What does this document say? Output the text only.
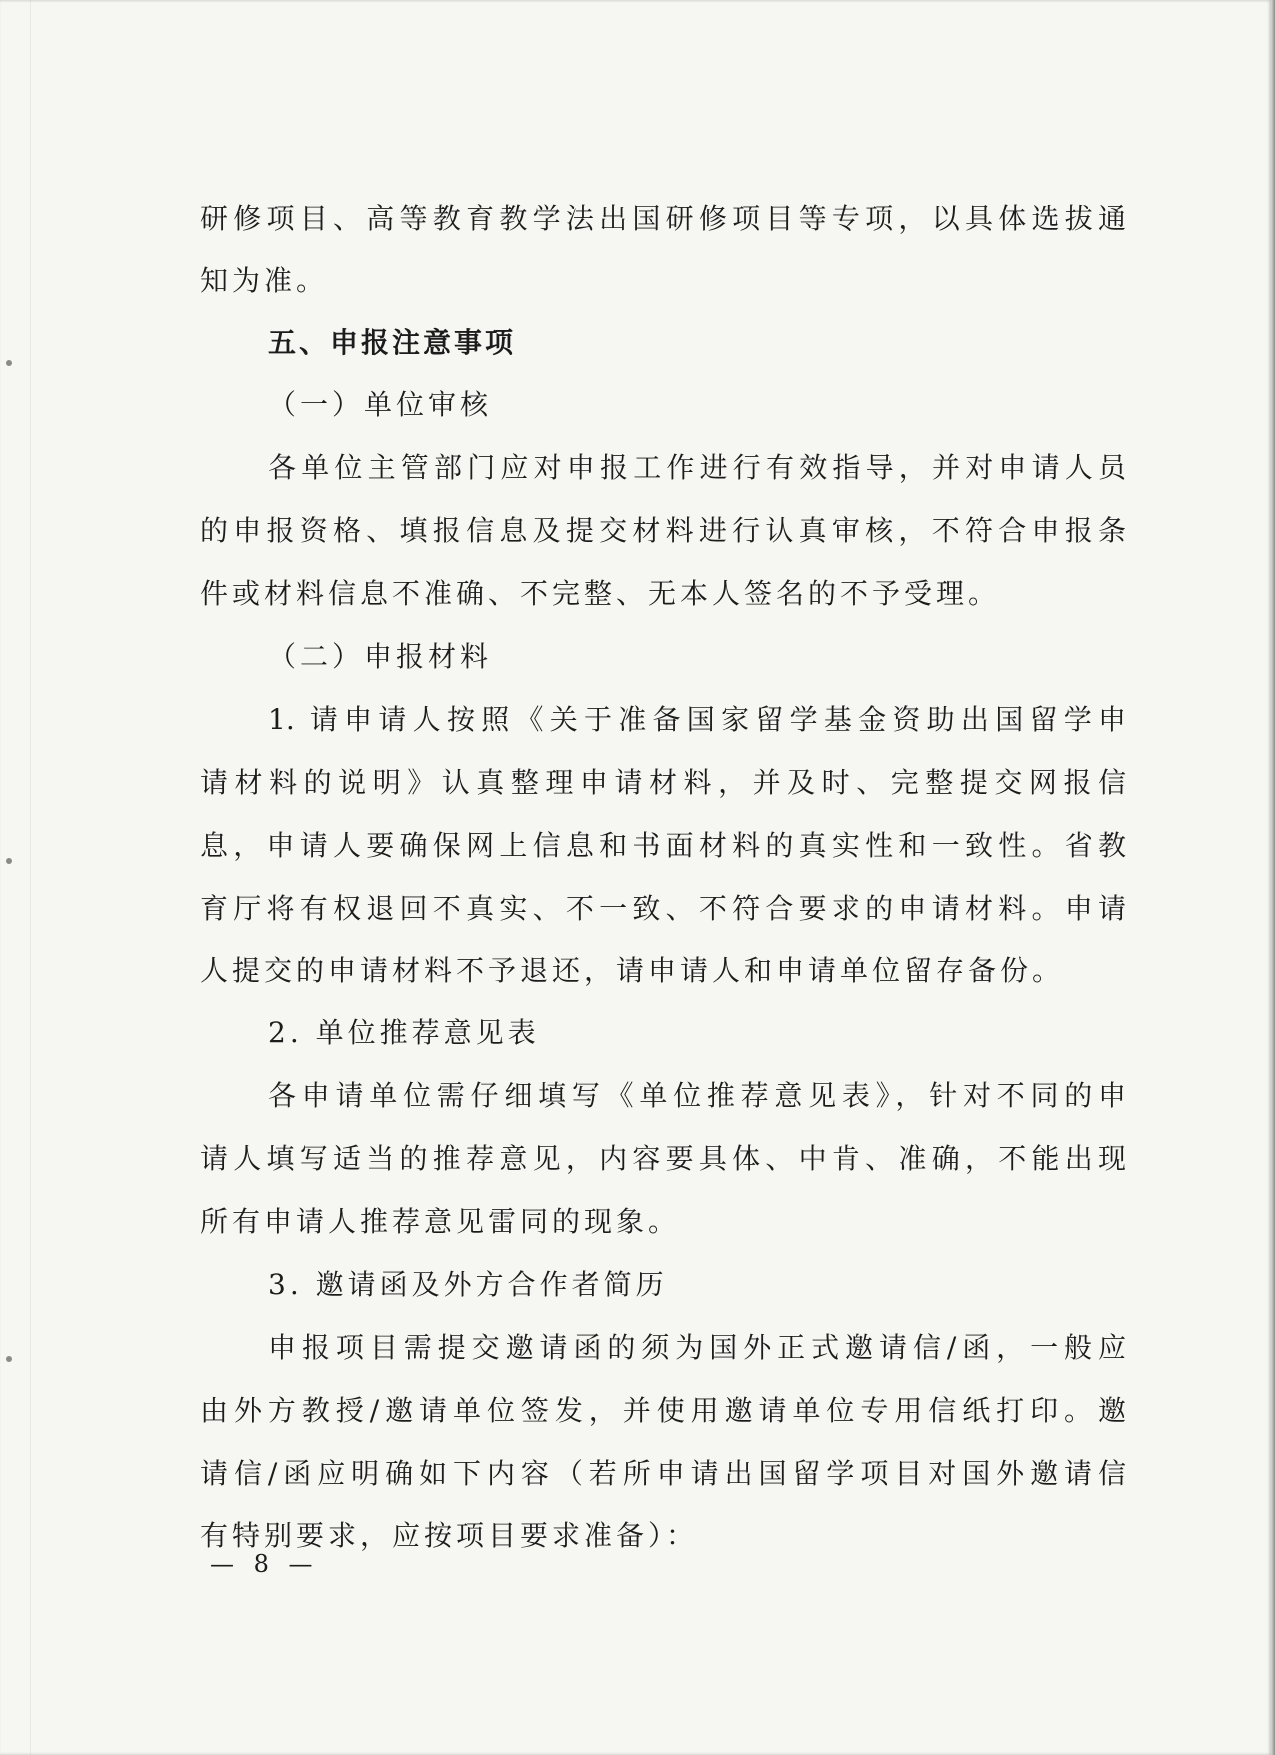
研修项目、高等教育教学法出国研修项目等专项，以具体选拔通
知为准。
五、申报注意事项
（一）单位审核
各单位主管部门应对申报工作进行有效指导，并对申请人员
的申报资格、填报信息及提交材料进行认真审核，不符合申报条
件或材料信息不准确、不完整、无本人签名的不予受理。
（二）申报材料
1. 请申请人按照《关于准备国家留学基金资助出国留学申
请材料的说明》认真整理申请材料，并及时、完整提交网报信
息，申请人要确保网上信息和书面材料的真实性和一致性。省教
育厅将有权退回不真实、不一致、不符合要求的申请材料。申请
人提交的申请材料不予退还，请申请人和申请单位留存备份。
2. 单位推荐意见表
各申请单位需仔细填写《单位推荐意见表》，针对不同的申
请人填写适当的推荐意见，内容要具体、中肯、准确，不能出现
所有申请人推荐意见雷同的现象。
3. 邀请函及外方合作者简历
申报项目需提交邀请函的须为国外正式邀请信/函，一般应
由外方教授/邀请单位签发，并使用邀请单位专用信纸打印。邀
请信/函应明确如下内容（若所申请出国留学项目对国外邀请信
有特别要求，应按项目要求准备）：
— 8 —
